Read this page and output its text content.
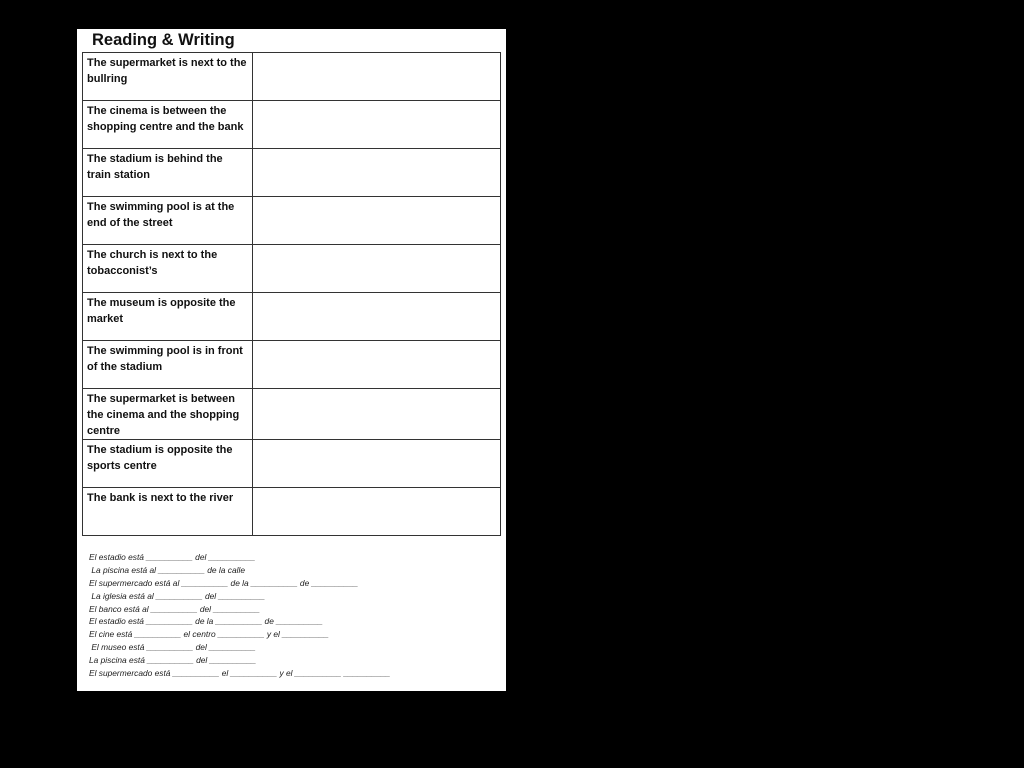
Reading & Writing
The supermarket is next to the bullring	
The cinema is between the shopping centre and the bank	
The stadium is behind the train station	
The swimming pool is at the end of the street	
The church is next to the tobacconist’s	
The museum is opposite the market	
The swimming pool is in front of the stadium	
The supermarket is between the cinema and the shopping centre	
The stadium is opposite the sports centre	
The bank is next to the river	
El estadio está __________ del __________
La piscina está al __________ de la calle
El supermercado está al __________ de la __________ de __________
La iglesia está al __________ del __________
El banco está al __________ del __________
El estadio está __________ de la __________ de __________
El cine está __________ el centro __________ y el __________
El museo está __________ del __________
La piscina está __________ del __________
El supermercado está __________ el __________ y el __________ __________
